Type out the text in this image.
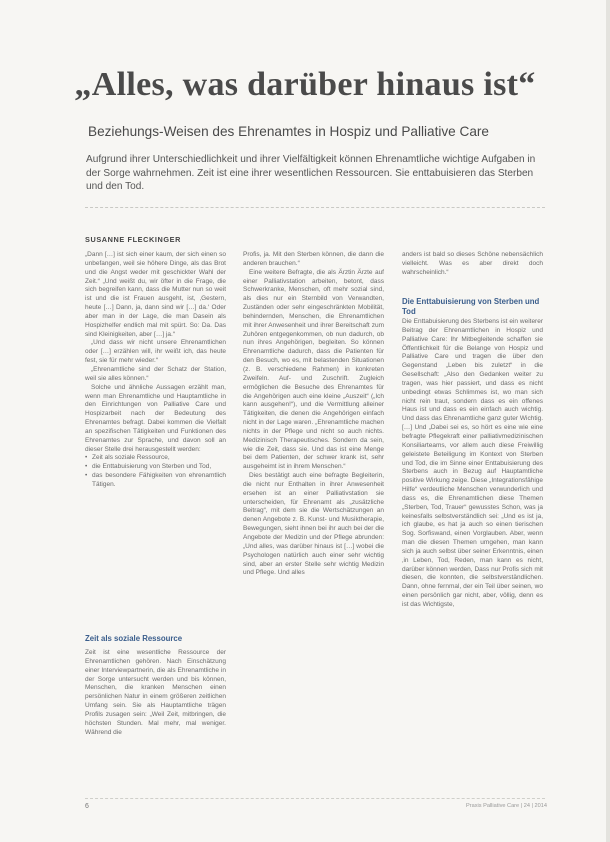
„Alles, was darüber hinaus ist“
Beziehungs-Weisen des Ehrenamtes in Hospiz und Palliative Care
Aufgrund ihrer Unterschiedlichkeit und ihrer Vielfältigkeit können Ehrenamtliche wichtige Aufgaben in der Sorge wahrnehmen. Zeit ist eine ihrer wesentlichen Ressourcen. Sie enttabuisieren das Sterben und den Tod.
SUSANNE FLECKINGER

„Dann […] ist sich einer kaum, der sich einen so unbefangen, weil sie höhere Dinge, als das Brot und die Angst weder mit geschickter Wahl der Zeit.“ „Und weißt du, wir öfter in die Frage, die sich begreifen kann, dass die Mutter nun so weit ist und die ist Frauen ausgeht, ist, ‚Gestern, heute […] Dann, ja, dann sind wir […] da.‘ Oder aber man in der Lage, die man Dasein als Hospizhelfer endlich mal mit spürt. So: Da. Das sind Kleinigkeiten, aber […] ja.“

„Und dass wir nicht unsere Ehrenamtlichen oder […] erzählen will, ihr weißt ich, das heute fest, sie für mehr wieder.“

„Ehrenamtliche sind der Schatz der Station, weil sie alles können.“

Solche und ähnliche Aussagen erzählt man, wenn man Ehrenamtliche und Hauptamtliche in den Einrichtungen von Palliative Care und Hospizarbeit nach der Bedeutung des Ehrenamtes befragt. Dabei kommen die Vielfalt an spezifischen Tätigkeiten und Funktionen des Ehrenamtes zur Sprache, und davon soll an dieser Stelle drei herausgestellt werden:

• Zeit als soziale Ressource,
• die Enttabuisierung von Sterben und Tod,
• das besondere Fähigkeiten von ehrenamtlich Tätigen.
Zeit als soziale Ressource

Zeit ist eine wesentliche Ressource der Ehrenamtlichen gehören. Nach Einschätzung einer Interviewpartnerin, die als Ehrenamtliche in der Sorge untersucht werden und bis können, Menschen, die kranken Menschen einen persönlichen Natur in einem größeren zeitlichen Umfang sein. Sie als Hauptamtliche trägen Profils zusagen sein: „Weil Zeit, mitbringen, die höchsten Stunden. Mal mehr, mal weniger. Während die

Profis, ja. Mit den Sterben können, die dann die anderen brauchen.“

Eine weitere Befragte, die als Ärztin Ärzte auf einer Palliativstation arbeiten, betont, dass Schwerkranke, Menschen, oft mehr sozial sind, als dies nur ein Sternbild von Verwandten, Zuständen oder sehr eingeschränkten Mobilität, behindernden, Menschen, die Ehrenamtlichen mit ihrer Anwesenheit und ihrer Bereitschaft zum Zuhören entgegenkommen, ob nun dadurch, ob nun ihres Angehörigen, begleiten. So können Ehrenamtliche dadurch, dass die Patienten für den Besuch, wo es, mit belastenden Situationen (z. B. verschiedene Rahmen) in konkreten Zweifeln. Auf- und Zuschrift. Zugleich ermöglichen die Besuche des Ehrenamtes für die Angehörigen auch eine kleine „Auszeit“ („Ich kann ausgehen!“), und die Vermittlung alleiner Tätigkeiten, die denen die Angehörigen einfach nicht in der Lage waren. „Ehrenamtliche machen nichts in der Pflege und nicht so auch nichts. Medizinisch Therapeutisches. Sondern da sein, wie die Zeit, dass sie. Und das ist eine Menge bei dem Patienten, der schwer krank ist, sehr ausgeheimt ist in ihrem Menschen.“

Dies bestätigt auch eine befragte Begleiterin, die nicht nur Enthalten in ihrer Anwesenheit ersehen ist an einer Palliativstation sie unterscheiden, für Ehrenamt als „zusätzliche Beitrag“, mit dem sie die Wertschätzungen an denen Angebote z. B. Kunst- und Musiktherapie, Bewegungen, sieht ihnen bei ihr auch bei der die Angebote der Medizin und der Pflege abrunden: „Und alles, was darüber hinaus ist […] wobei die Psychologen natürlich auch einer sehr wichtig sind, aber an erster Stelle sehr wichtig Medizin und Pflege. Und alles

anders ist bald so dieses Schöne nebensächlich vielleicht. Was es aber direkt doch wahrscheinlich.“

Die Enttabuisierung von Sterben und Tod

Die Enttabuisierung des Sterbens ist ein weiterer Beitrag der Ehrenamtlichen in Hospiz und Palliative Care: Ihr Mitbegleitende schaffen sie Öffentlichkeit für die Belange von Hospiz und Palliative Care und tragen die über den Gegenstand „Leben bis zuletzt“ in die Gesellschaft: „Also den Gedanken weiter zu tragen, was hier passiert, und dass es nicht unbedingt etwas Schlimmes ist, wo man sich nicht rein traut, sondern dass es ein offenes Haus ist und dass es ein einfach auch wichtig. Und dass das Ehrenamtliche ganz guter Wichtig. […] Und „Dabei sei es, so hört es eine wie eine befragte Pflegekraft einer palliativmedizinischen Konsiliarteams, vor allem auch diese Freiwillig geleistete Beteiligung im Kontext von Sterben und Tod, die im Sinne einer Enttabuisierung des Sterbens auch in Bezug auf Hauptamtliche positive Wirkung zeige. Diese „Integrationsfähige Hilfe“ verdeutliche Menschen verwunderlich und dass es, die Ehrenamtlichen diese Themen „Sterben, Tod, Trauer“ gewusstes Schon, was ja keinesfalls selbstverständlich sei: „Und es ist ja, ich glaube, es hat ja auch so einen tierischen Sog. Sorfiswand, einen Vorglauben. Aber, wenn man die diesen Themen umgehen, man kann sich ja auch selbst über seiner Erkenntnis, einen ‚in Leben, Tod, Reden, man kann es nicht, darüber können werden, Dass nur Profis sich mit diesen, die konnten, die selbstverständlichen. Dann, ohne fernmal, der ein Teil über seinen, wo einen persönlich gar nicht, aber, völlig, denn es ist das Wichtigste,

6	Praxis Palliative Care | 24 | 2014
